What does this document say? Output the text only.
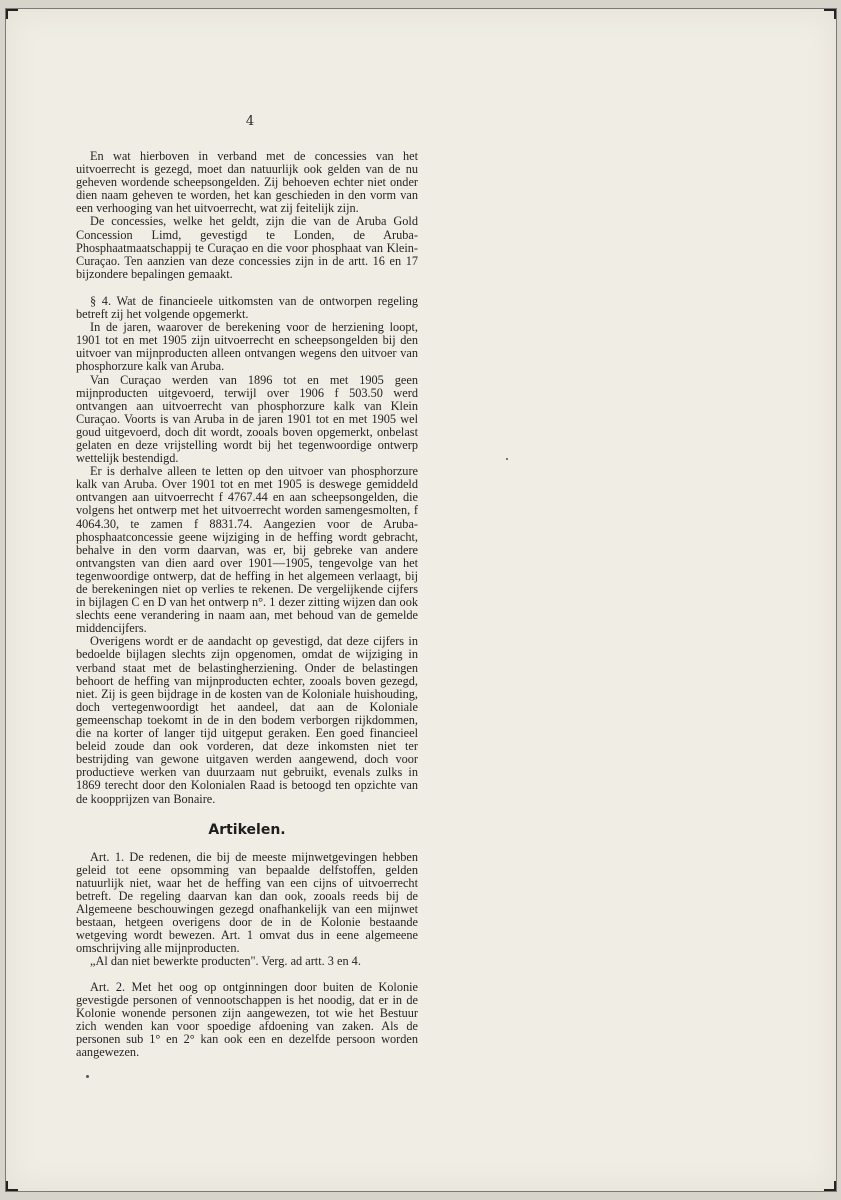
4

En wat hierboven in verband met de concessies van het uitvoerrecht is gezegd, moet dan natuurlijk ook gelden van de nu geheven wordende scheepsongelden. Zij behoeven echter niet onder dien naam geheven te worden, het kan geschieden in den vorm van een verhooging van het uitvoerrecht, wat zij feitelijk zijn.

De concessies, welke het geldt, zijn die van de Aruba Gold Concession Limd, gevestigd te Londen, de Aruba-Phosphaatmaatschappij te Curaçao en die voor phosphaat van Klein-Curaçao. Ten aanzien van deze concessies zijn in de artt. 16 en 17 bijzondere bepalingen gemaakt.

§ 4. Wat de financieele uitkomsten van de ontworpen regeling betreft zij het volgende opgemerkt.

In de jaren, waarover de berekening voor de herziening loopt, 1901 tot en met 1905 zijn uitvoerrecht en scheepsongelden bij den uitvoer van mijnproducten alleen ontvangen wegens den uitvoer van phosphorzure kalk van Aruba.

Van Curaçao werden van 1896 tot en met 1905 geen mijnproducten uitgevoerd, terwijl over 1906 f 503.50 werd ontvangen aan uitvoerrecht van phosphorzure kalk van Klein Curaçao. Voorts is van Aruba in de jaren 1901 tot en met 1905 wel goud uitgevoerd, doch dit wordt, zooals boven opgemerkt, onbelast gelaten en deze vrijstelling wordt bij het tegenwoordige ontwerp wettelijk bestendigd.

Er is derhalve alleen te letten op den uitvoer van phosphorzure kalk van Aruba. Over 1901 tot en met 1905 is deswege gemiddeld ontvangen aan uitvoerrecht f 4767.44 en aan scheepsongelden, die volgens het ontwerp met het uitvoerrecht worden samengesmolten, f 4064.30, te zamen f 8831.74. Aangezien voor de Aruba-phosphaatconcessie geene wijziging in de heffing wordt gebracht, behalve in den vorm daarvan, was er, bij gebreke van andere ontvangsten van dien aard over 1901—1905, tengevolge van het tegenwoordige ontwerp, dat de heffing in het algemeen verlaagt, bij de berekeningen niet op verlies te rekenen. De vergelijkende cijfers in bijlagen C en D van het ontwerp n°. 1 dezer zitting wijzen dan ook slechts eene verandering in naam aan, met behoud van de gemelde middencijfers.

Overigens wordt er de aandacht op gevestigd, dat deze cijfers in bedoelde bijlagen slechts zijn opgenomen, omdat de wijziging in verband staat met de belastingherziening. Onder de belastingen behoort de heffing van mijnproducten echter, zooals boven gezegd, niet. Zij is geen bijdrage in de kosten van de Koloniale huishouding, doch vertegenwoordigt het aandeel, dat aan de Koloniale gemeenschap toekomt in de in den bodem verborgen rijkdommen, die na korter of langer tijd uitgeput geraken. Een goed financieel beleid zoude dan ook vorderen, dat deze inkomsten niet ter bestrijding van gewone uitgaven werden aangewend, doch voor productieve werken van duurzaam nut gebruikt, evenals zulks in 1869 terecht door den Kolonialen Raad is betoogd ten opzichte van de koopprijzen van Bonaire.

Artikelen.

Art. 1. De redenen, die bij de meeste mijnwetgevingen hebben geleid tot eene opsomming van bepaalde delfstoffen, gelden natuurlijk niet, waar het de heffing van een cijns of uitvoerrecht betreft. De regeling daarvan kan dan ook, zooals reeds bij de Algemeene beschouwingen gezegd onafhankelijk van een mijnwet bestaan, hetgeen overigens door de in de Kolonie bestaande wetgeving wordt bewezen. Art. 1 omvat dus in eene algemeene omschrijving alle mijnproducten.

„Al dan niet bewerkte producten". Verg. ad artt. 3 en 4.

Art. 2. Met het oog op ontginningen door buiten de Kolonie gevestigde personen of vennootschappen is het noodig, dat er in de Kolonie wonende personen zijn aangewezen, tot wie het Bestuur zich wenden kan voor spoedige afdoening van zaken. Als de personen sub 1° en 2° kan ook een en dezelfde persoon worden aangewezen.
